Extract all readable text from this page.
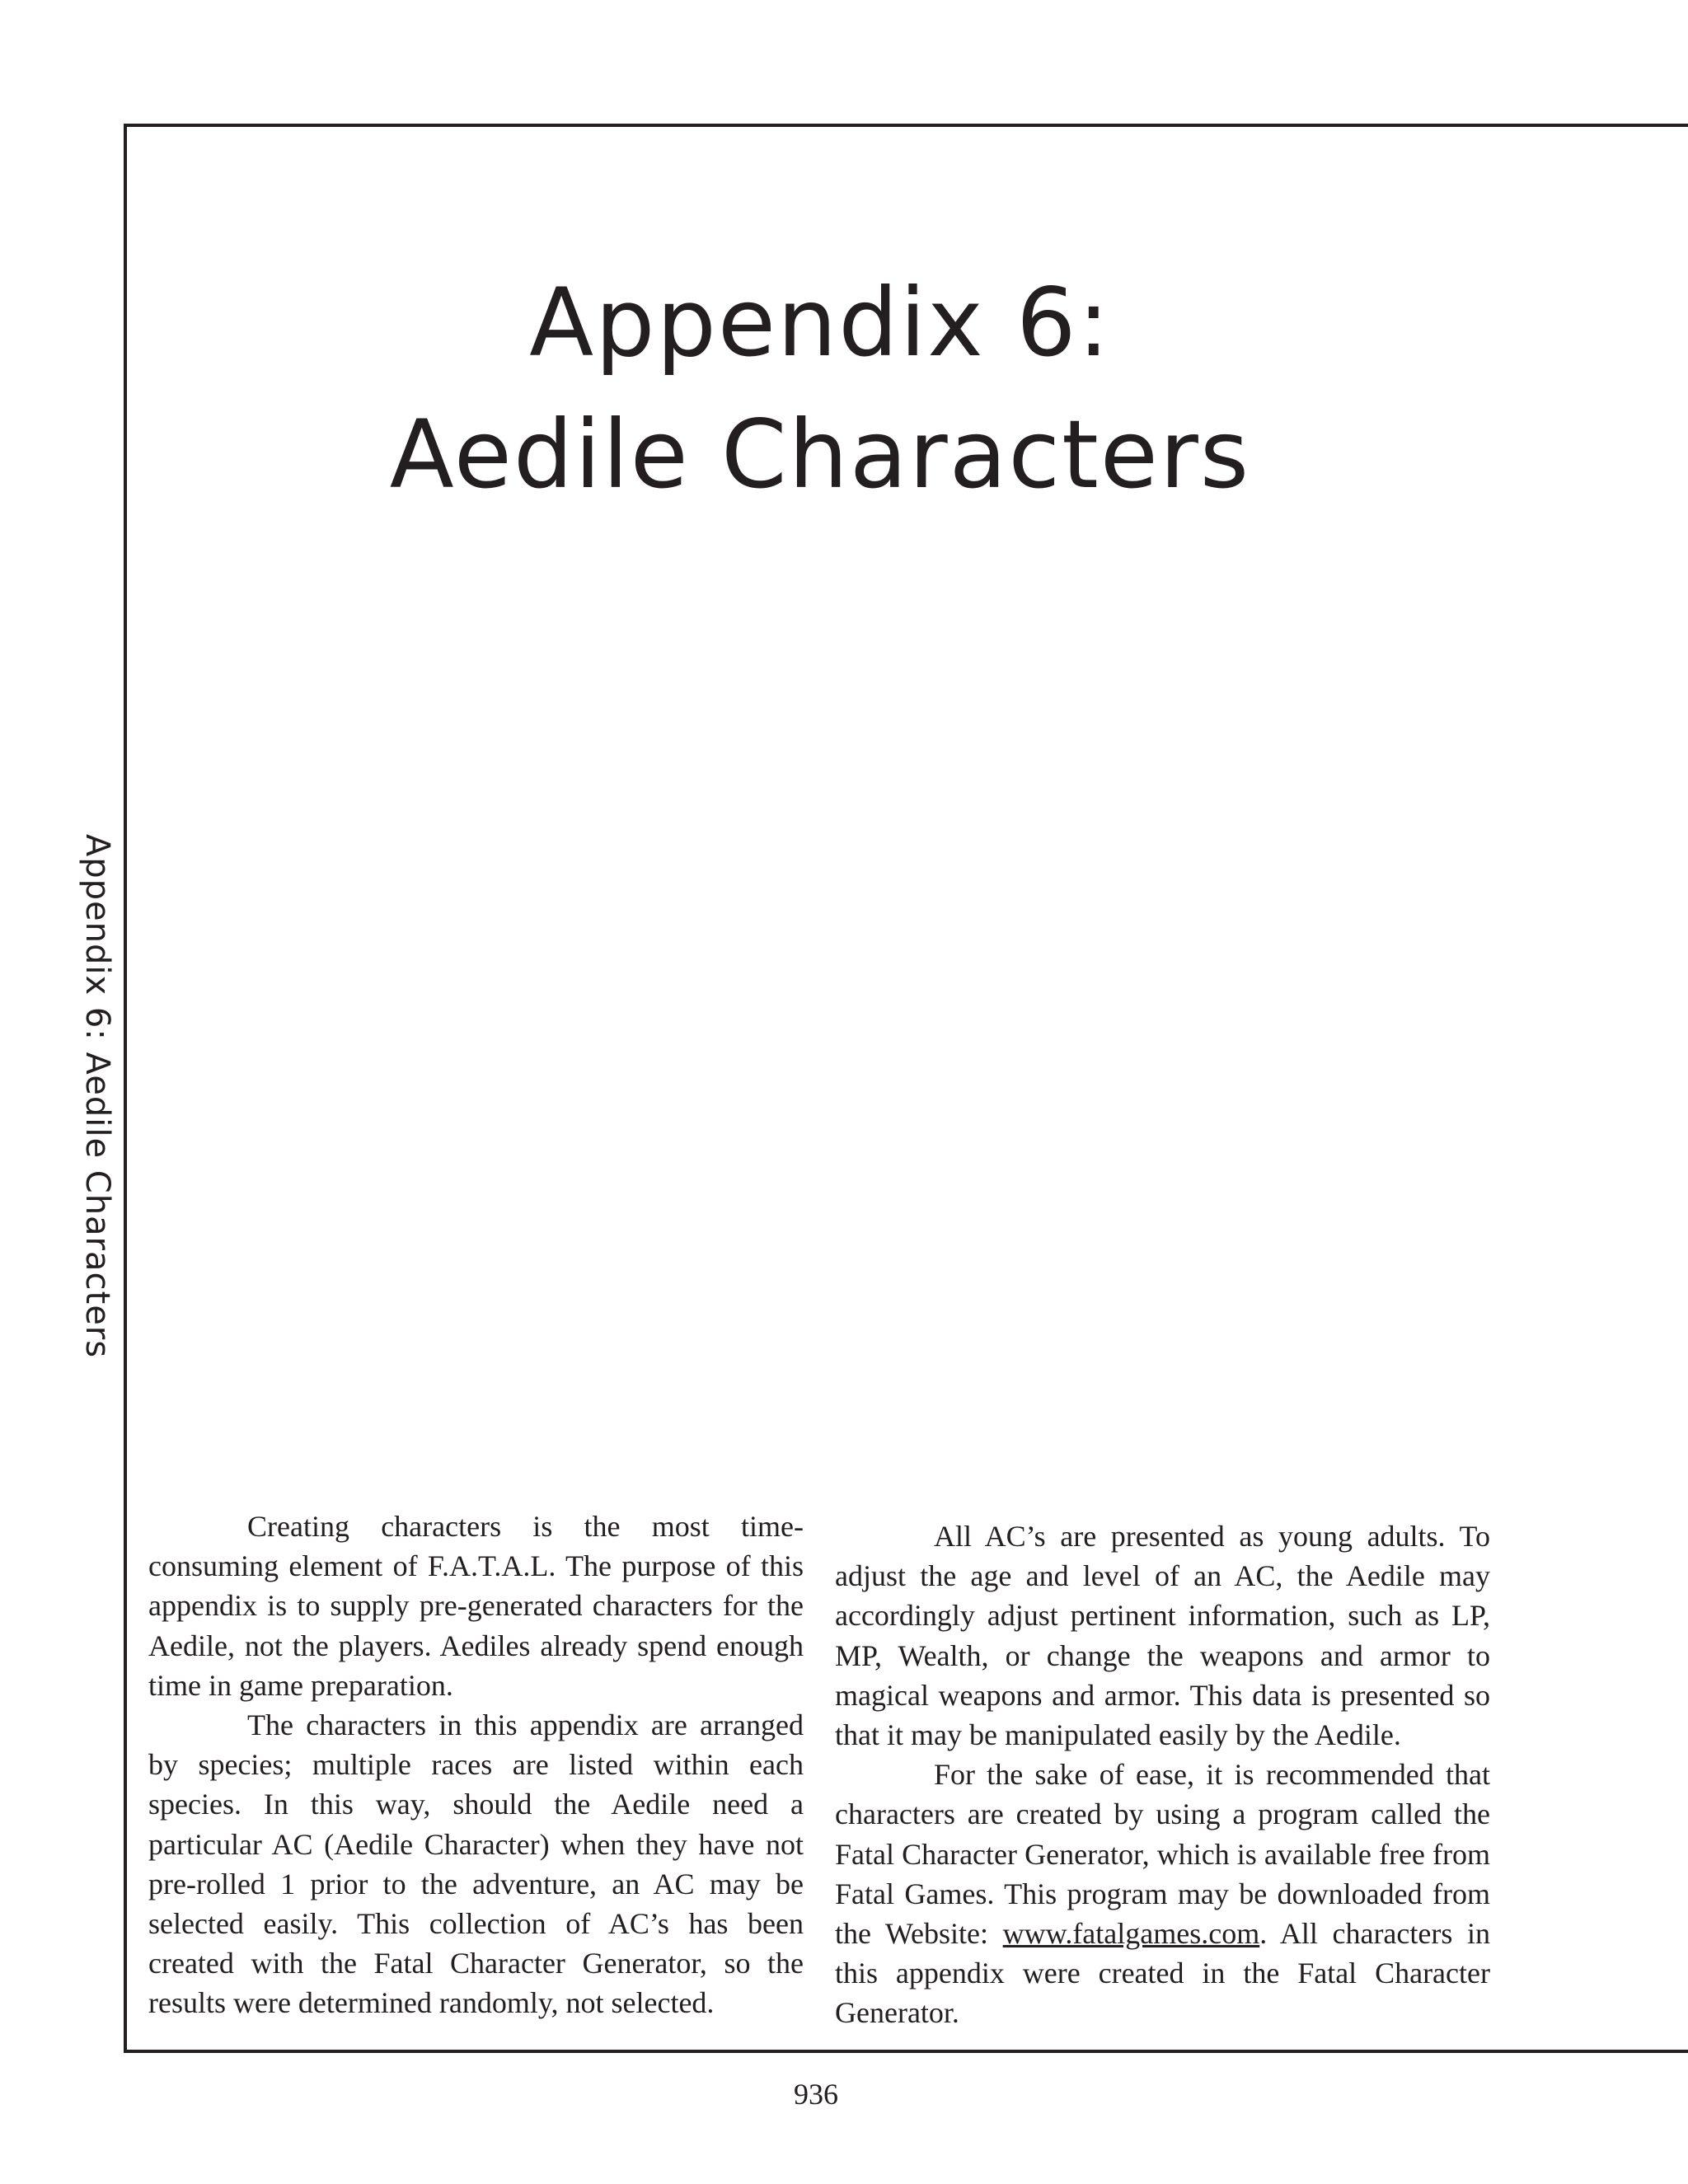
Appendix 6: Aedile Characters
Appendix 6:
Aedile Characters

Creating characters is the most time-consuming element of F.A.T.A.L. The purpose of this appendix is to supply pre-generated characters for the Aedile, not the players. Aediles already spend enough time in game preparation.

The characters in this appendix are arranged by species; multiple races are listed within each species. In this way, should the Aedile need a particular AC (Aedile Character) when they have not pre-rolled 1 prior to the adventure, an AC may be selected easily. This collection of AC’s has been created with the Fatal Character Generator, so the results were determined randomly, not selected.

All AC’s are presented as young adults. To adjust the age and level of an AC, the Aedile may accordingly adjust pertinent information, such as LP, MP, Wealth, or change the weapons and armor to magical weapons and armor. This data is presented so that it may be manipulated easily by the Aedile.

For the sake of ease, it is recommended that characters are created by using a program called the Fatal Character Generator, which is available free from Fatal Games. This program may be downloaded from the Website: www.fatalgames.com. All characters in this appendix were created in the Fatal Character Generator.

936
